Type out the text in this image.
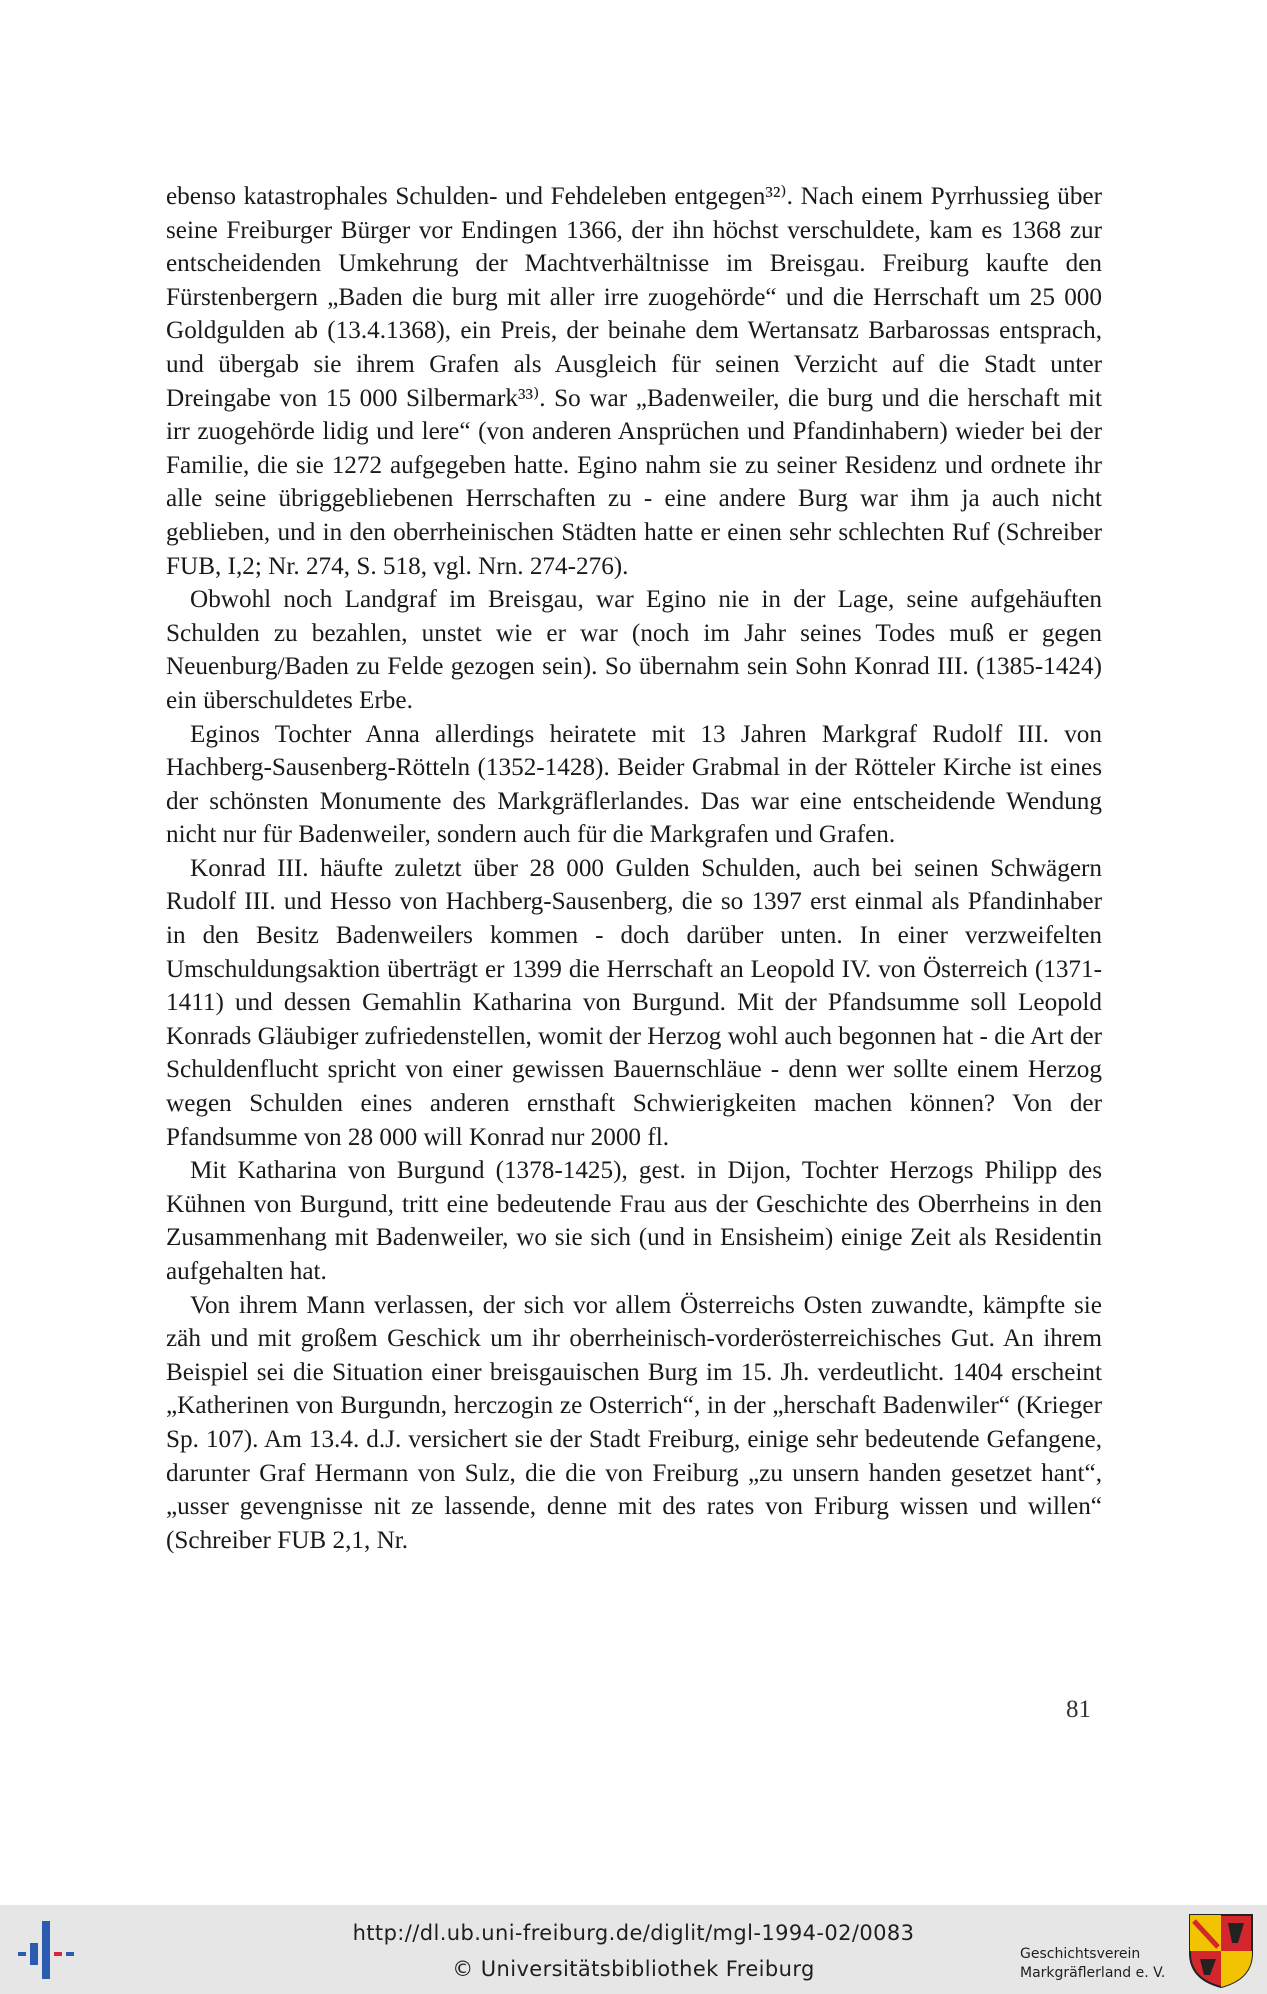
ebenso katastrophales Schulden- und Fehdeleben entgegen³²⁾. Nach einem Pyrrhussieg über seine Freiburger Bürger vor Endingen 1366, der ihn höchst verschuldete, kam es 1368 zur entscheidenden Umkehrung der Machtverhältnisse im Breisgau. Freiburg kaufte den Fürstenbergern „Baden die burg mit aller irre zuogehörde“ und die Herrschaft um 25 000 Goldgulden ab (13.4.1368), ein Preis, der beinahe dem Wertansatz Barbarossas entsprach, und übergab sie ihrem Grafen als Ausgleich für seinen Verzicht auf die Stadt unter Dreingabe von 15 000 Silbermark³³⁾. So war „Badenweiler, die burg und die herschaft mit irr zuogehörde lidig und lere“ (von anderen Ansprüchen und Pfandinhabern) wieder bei der Familie, die sie 1272 aufgegeben hatte. Egino nahm sie zu seiner Residenz und ordnete ihr alle seine übriggebliebenen Herrschaften zu - eine andere Burg war ihm ja auch nicht geblieben, und in den oberrheinischen Städten hatte er einen sehr schlechten Ruf (Schreiber FUB, I,2; Nr. 274, S. 518, vgl. Nrn. 274-276).

Obwohl noch Landgraf im Breisgau, war Egino nie in der Lage, seine aufgehäuften Schulden zu bezahlen, unstet wie er war (noch im Jahr seines Todes muß er gegen Neuenburg/Baden zu Felde gezogen sein). So übernahm sein Sohn Konrad III. (1385-1424) ein überschuldetes Erbe.

Eginos Tochter Anna allerdings heiratete mit 13 Jahren Markgraf Rudolf III. von Hachberg-Sausenberg-Rötteln (1352-1428). Beider Grabmal in der Rötteler Kirche ist eines der schönsten Monumente des Markgräflerlandes. Das war eine entscheidende Wendung nicht nur für Badenweiler, sondern auch für die Markgrafen und Grafen.

Konrad III. häufte zuletzt über 28 000 Gulden Schulden, auch bei seinen Schwägern Rudolf III. und Hesso von Hachberg-Sausenberg, die so 1397 erst einmal als Pfandinhaber in den Besitz Badenweilers kommen - doch darüber unten. In einer verzweifelten Umschuldungsaktion überträgt er 1399 die Herrschaft an Leopold IV. von Österreich (1371-1411) und dessen Gemahlin Katharina von Burgund. Mit der Pfandsumme soll Leopold Konrads Gläubiger zufriedenstellen, womit der Herzog wohl auch begonnen hat - die Art der Schuldenflucht spricht von einer gewissen Bauernschläue - denn wer sollte einem Herzog wegen Schulden eines anderen ernsthaft Schwierigkeiten machen können? Von der Pfandsumme von 28 000 will Konrad nur 2000 fl.

Mit Katharina von Burgund (1378-1425), gest. in Dijon, Tochter Herzogs Philipp des Kühnen von Burgund, tritt eine bedeutende Frau aus der Geschichte des Oberrheins in den Zusammenhang mit Badenweiler, wo sie sich (und in Ensisheim) einige Zeit als Residentin aufgehalten hat.

Von ihrem Mann verlassen, der sich vor allem Österreichs Osten zuwandte, kämpfte sie zäh und mit großem Geschick um ihr oberrheinisch-vorderösterreichisches Gut. An ihrem Beispiel sei die Situation einer breisgauischen Burg im 15. Jh. verdeutlicht. 1404 erscheint „Katherinen von Burgundn, herczogin ze Osterrich“, in der „herschaft Badenwiler“ (Krieger Sp. 107). Am 13.4. d.J. versichert sie der Stadt Freiburg, einige sehr bedeutende Gefangene, darunter Graf Hermann von Sulz, die die von Freiburg „zu unsern handen gesetzet hant“, „usser gevengnisse nit ze lassende, denne mit des rates von Friburg wissen und willen“ (Schreiber FUB 2,1, Nr.

81
http://dl.ub.uni-freiburg.de/diglit/mgl-1994-02/0083
© Universitätsbibliothek Freiburg
Geschichtsverein
Markgräflerland e. V.
